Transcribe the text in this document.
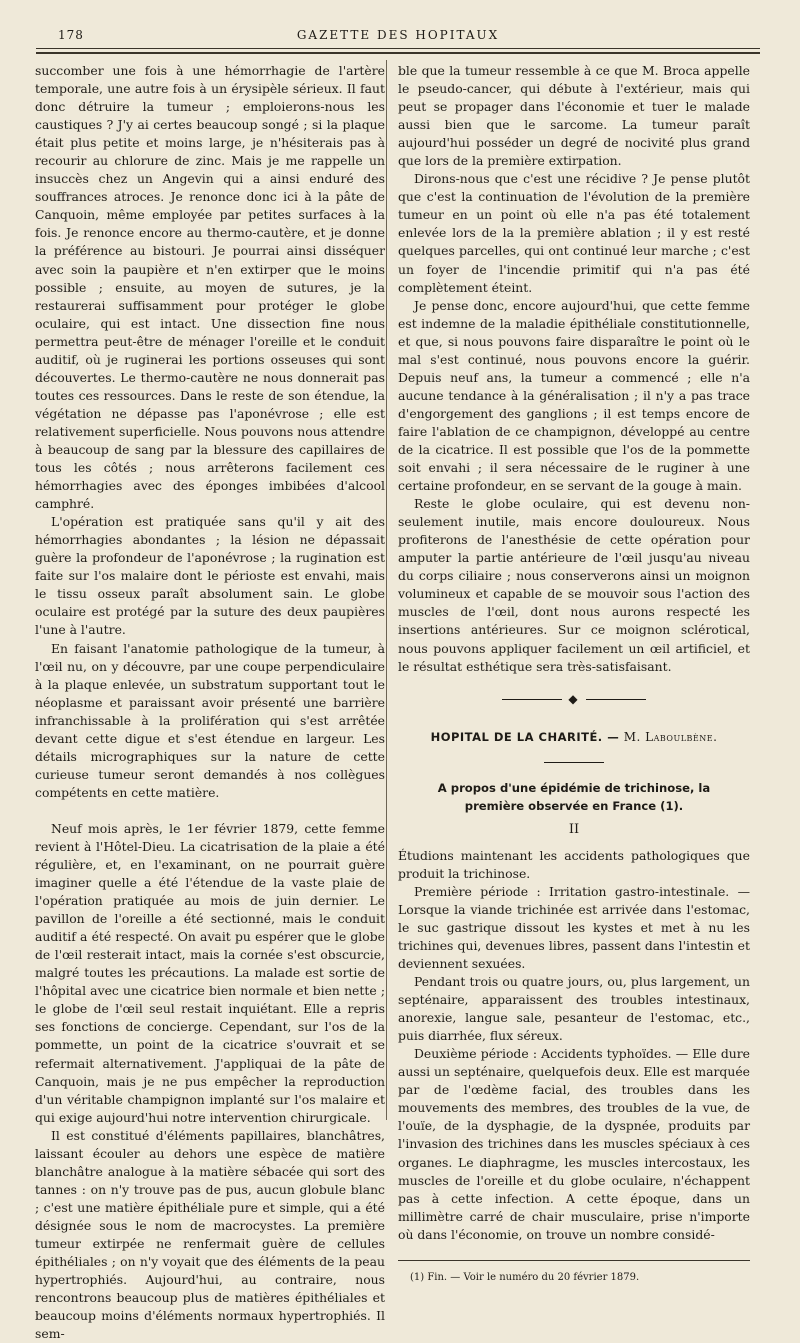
178	GAZETTE DES HOPITAUX

succomber une fois à une hémorrhagie de l'artère temporale, une autre fois à un érysipèle sérieux. Il faut donc détruire la tumeur ; emploierons-nous les caustiques ? J'y ai certes beaucoup songé ; si la plaque était plus petite et moins large, je n'hésiterais pas à recourir au chlorure de zinc. Mais je me rappelle un insuccès chez un Angevin qui a ainsi enduré des souffrances atroces. Je renonce donc ici à la pâte de Canquoin, même employée par petites surfaces à la fois. Je renonce encore au thermo-cautère, et je donne la préférence au bistouri. Je pourrai ainsi disséquer avec soin la paupière et n'en extirper que le moins possible ; ensuite, au moyen de sutures, je la restaurerai suffisamment pour protéger le globe oculaire, qui est intact. Une dissection fine nous permettra peut-être de ménager l'oreille et le conduit auditif, où je ruginerai les portions osseuses qui sont découvertes. Le thermo-cautère ne nous donnerait pas toutes ces ressources. Dans le reste de son étendue, la végétation ne dépasse pas l'aponévrose ; elle est relativement superficielle. Nous pouvons nous attendre à beaucoup de sang par la blessure des capillaires de tous les côtés ; nous arrêterons facilement ces hémorrhagies avec des éponges imbibées d'alcool camphré.

L'opération est pratiquée sans qu'il y ait des hémorrhagies abondantes ; la lésion ne dépassait guère la profondeur de l'aponévrose ; la rugination est faite sur l'os malaire dont le périoste est envahi, mais le tissu osseux paraît absolument sain. Le globe oculaire est protégé par la suture des deux paupières l'une à l'autre.

En faisant l'anatomie pathologique de la tumeur, à l'œil nu, on y découvre, par une coupe perpendiculaire à la plaque enlevée, un substratum supportant tout le néoplasme et paraissant avoir présenté une barrière infranchissable à la prolifération qui s'est arrêtée devant cette digue et s'est étendue en largeur. Les détails micrographiques sur la nature de cette curieuse tumeur seront demandés à nos collègues compétents en cette matière.

Neuf mois après, le 1er février 1879, cette femme revient à l'Hôtel-Dieu. La cicatrisation de la plaie a été régulière, et, en l'examinant, on ne pourrait guère imaginer quelle a été l'étendue de la vaste plaie de l'opération pratiquée au mois de juin dernier. Le pavillon de l'oreille a été sectionné, mais le conduit auditif a été respecté. On avait pu espérer que le globe de l'œil resterait intact, mais la cornée s'est obscurcie, malgré toutes les précautions. La malade est sortie de l'hôpital avec une cicatrice bien normale et bien nette ; le globe de l'œil seul restait inquiétant. Elle a repris ses fonctions de concierge. Cependant, sur l'os de la pommette, un point de la cicatrice s'ouvrait et se refermait alternativement. J'appliquai de la pâte de Canquoin, mais je ne pus empêcher la reproduction d'un véritable champignon implanté sur l'os malaire et qui exige aujourd'hui notre intervention chirurgicale.

Il est constitué d'éléments papillaires, blanchâtres, laissant écouler au dehors une espèce de matière blanchâtre analogue à la matière sébacée qui sort des tannes : on n'y trouve pas de pus, aucun globule blanc ; c'est une matière épithéliale pure et simple, qui a été désignée sous le nom de macrocystes. La première tumeur extirpée ne renfermait guère de cellules épithéliales ; on n'y voyait que des éléments de la peau hypertrophiés. Aujourd'hui, au contraire, nous rencontrons beaucoup plus de matières épithéliales et beaucoup moins d'éléments normaux hypertrophiés. Il sem-

ble que la tumeur ressemble à ce que M. Broca appelle le pseudo-cancer, qui débute à l'extérieur, mais qui peut se propager dans l'économie et tuer le malade aussi bien que le sarcome. La tumeur paraît aujourd'hui posséder un degré de nocivité plus grand que lors de la première extirpation.

Dirons-nous que c'est une récidive ? Je pense plutôt que c'est la continuation de l'évolution de la première tumeur en un point où elle n'a pas été totalement enlevée lors de la la première ablation ; il y est resté quelques parcelles, qui ont continué leur marche ; c'est un foyer de l'incendie primitif qui n'a pas été complètement éteint.

Je pense donc, encore aujourd'hui, que cette femme est indemne de la maladie épithéliale constitutionnelle, et que, si nous pouvons faire disparaître le point où le mal s'est continué, nous pouvons encore la guérir. Depuis neuf ans, la tumeur a commencé ; elle n'a aucune tendance à la généralisation ; il n'y a pas trace d'engorgement des ganglions ; il est temps encore de faire l'ablation de ce champignon, développé au centre de la cicatrice. Il est possible que l'os de la pommette soit envahi ; il sera nécessaire de le ruginer à une certaine profondeur, en se servant de la gouge à main.

Reste le globe oculaire, qui est devenu non-seulement inutile, mais encore douloureux. Nous profiterons de l'anesthésie de cette opération pour amputer la partie antérieure de l'œil jusqu'au niveau du corps ciliaire ; nous conserverons ainsi un moignon volumineux et capable de se mouvoir sous l'action des muscles de l'œil, dont nous aurons respecté les insertions antérieures. Sur ce moignon sclérotical, nous pouvons appliquer facilement un œil artificiel, et le résultat esthétique sera très-satisfaisant.

◆
HOPITAL DE LA CHARITÉ. — M. Laboulbène.
A propos d'une épidémie de trichinose, la première observée en France (1).
II

Étudions maintenant les accidents pathologiques que produit la trichinose.

Première période : Irritation gastro-intestinale. — Lorsque la viande trichinée est arrivée dans l'estomac, le suc gastrique dissout les kystes et met à nu les trichines qui, devenues libres, passent dans l'intestin et deviennent sexuées.

Pendant trois ou quatre jours, ou, plus largement, un septénaire, apparaissent des troubles intestinaux, anorexie, langue sale, pesanteur de l'estomac, etc., puis diarrhée, flux séreux.

Deuxième période : Accidents typhoïdes. — Elle dure aussi un septénaire, quelquefois deux. Elle est marquée par de l'œdème facial, des troubles dans les mouvements des membres, des troubles de la vue, de l'ouïe, de la dysphagie, de la dyspnée, produits par l'invasion des trichines dans les muscles spéciaux à ces organes. Le diaphragme, les muscles intercostaux, les muscles de l'oreille et du globe oculaire, n'échappent pas à cette infection. A cette époque, dans un millimètre carré de chair musculaire, prise n'importe où dans l'économie, on trouve un nombre considé-

(1) Fin. — Voir le numéro du 20 février 1879.
